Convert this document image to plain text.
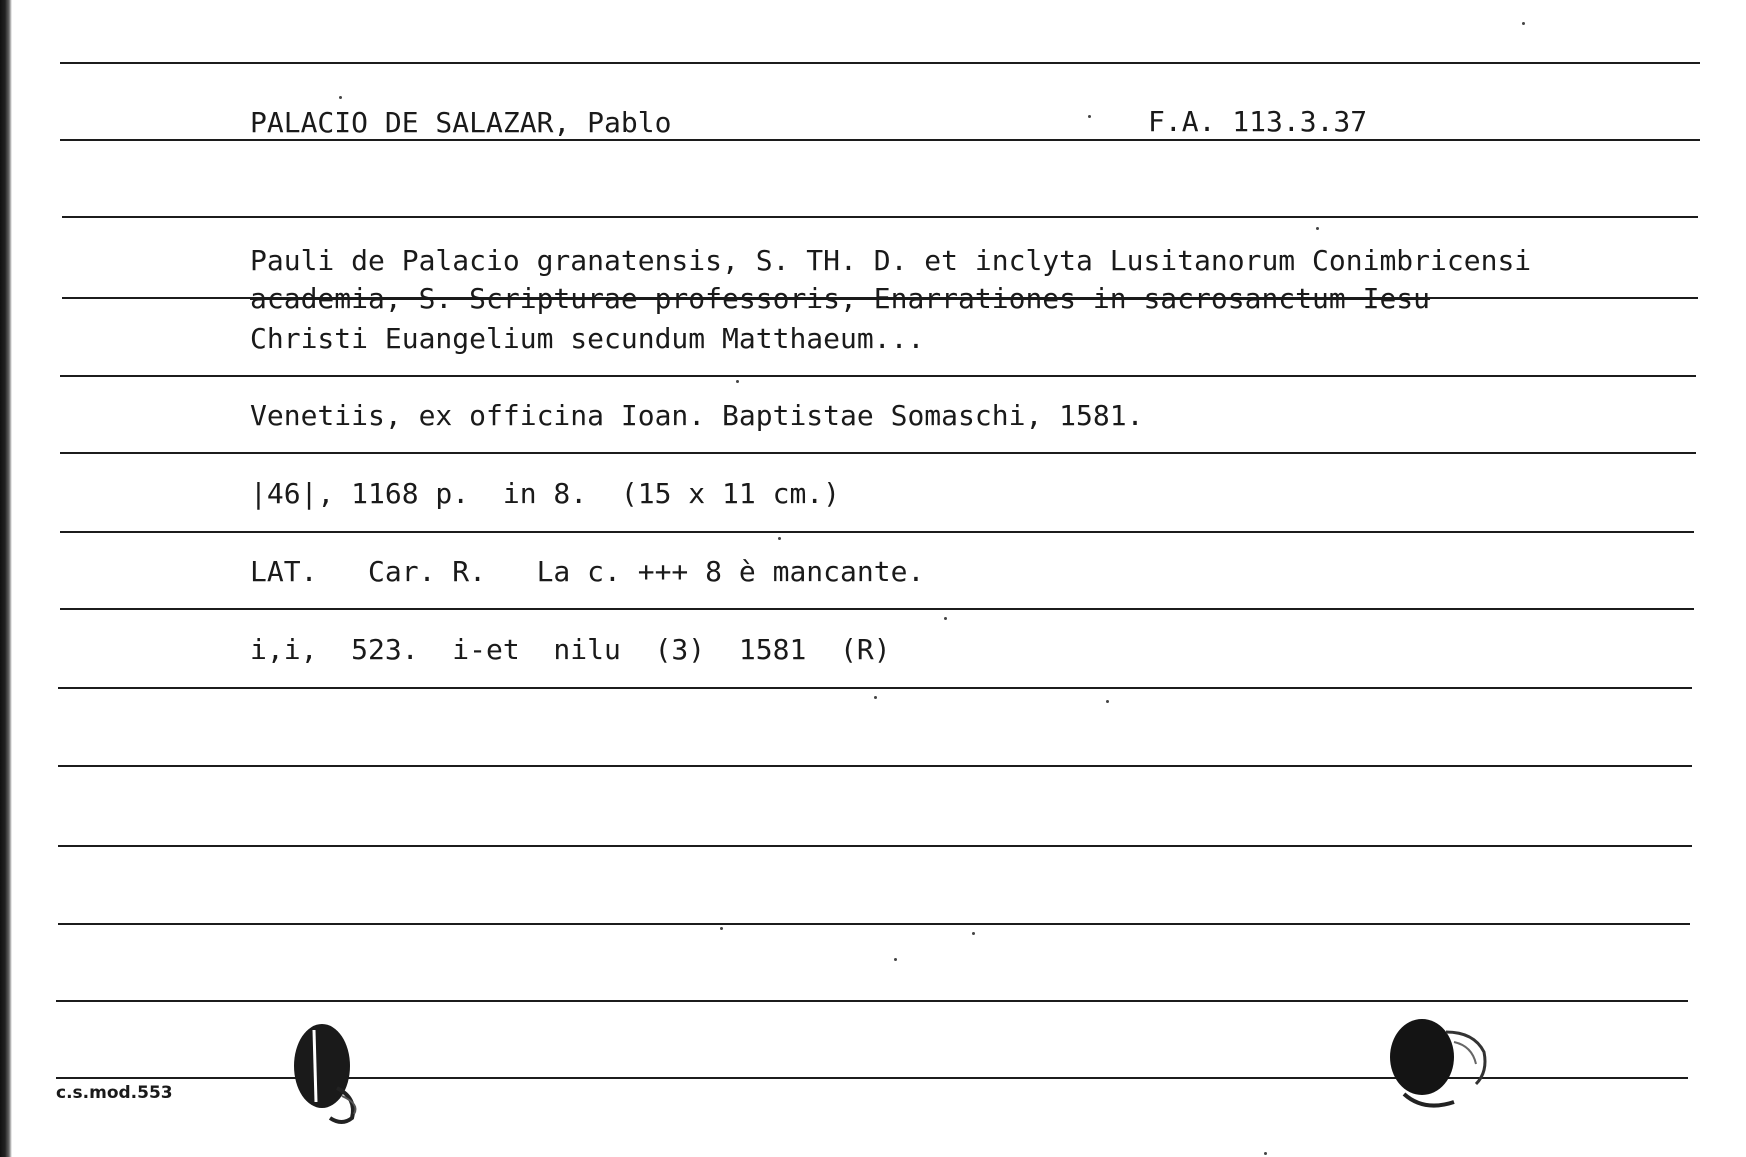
PALACIO DE SALAZAR, Pablo	F.A. 113.3.37
Pauli de Palacio granatensis, S. TH. D. et inclyta Lusitanorum Conimbricensi
academia, S. Scripturae professoris, Enarrationes in sacrosanctum Iesu
Christi Euangelium secundum Matthaeum...
Venetiis, ex officina Ioan. Baptistae Somaschi, 1581.
|46|, 1168 p.  in 8.  (15 x 11 cm.)
LAT.   Car. R.   La c. +++ 8 è mancante.
i,i,  523.  i-et  nilu  (3)  1581  (R)
c.s.mod.553
